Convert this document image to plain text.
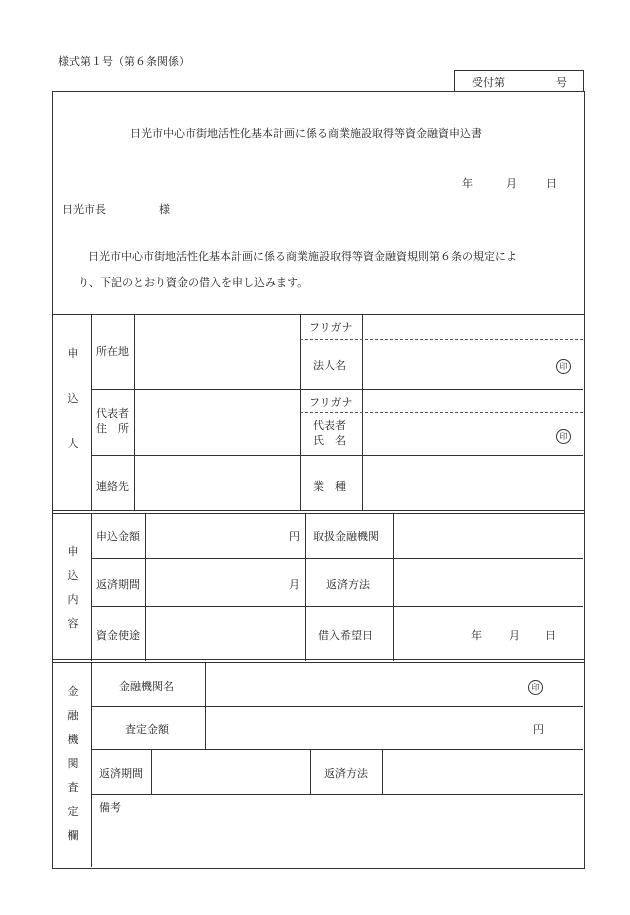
様式第１号（第６条関係）
受付第	号
日光市中心市街地活性化基本計画に係る商業施設取得等資金融資申込書
年	月	日
日光市長	様
日光市中心市街地活性化基本計画に係る商業施設取得等資金融資規則第６条の規定によ
り、下記のとおり資金の借入を申し込みます。
申
込
人
所在地
フリガナ
法人名	印
代表者
住　所
フリガナ
代表者
氏　名	印
連絡先	業　種
申
込
内
容
申込金額	円 取扱金融機関
返済期間	月 返済方法
資金使途	借入希望日	年 月 日
金
融
機
関
査
定
欄
金融機関名	印
査定金額	円
返済期間	返済方法
備考
